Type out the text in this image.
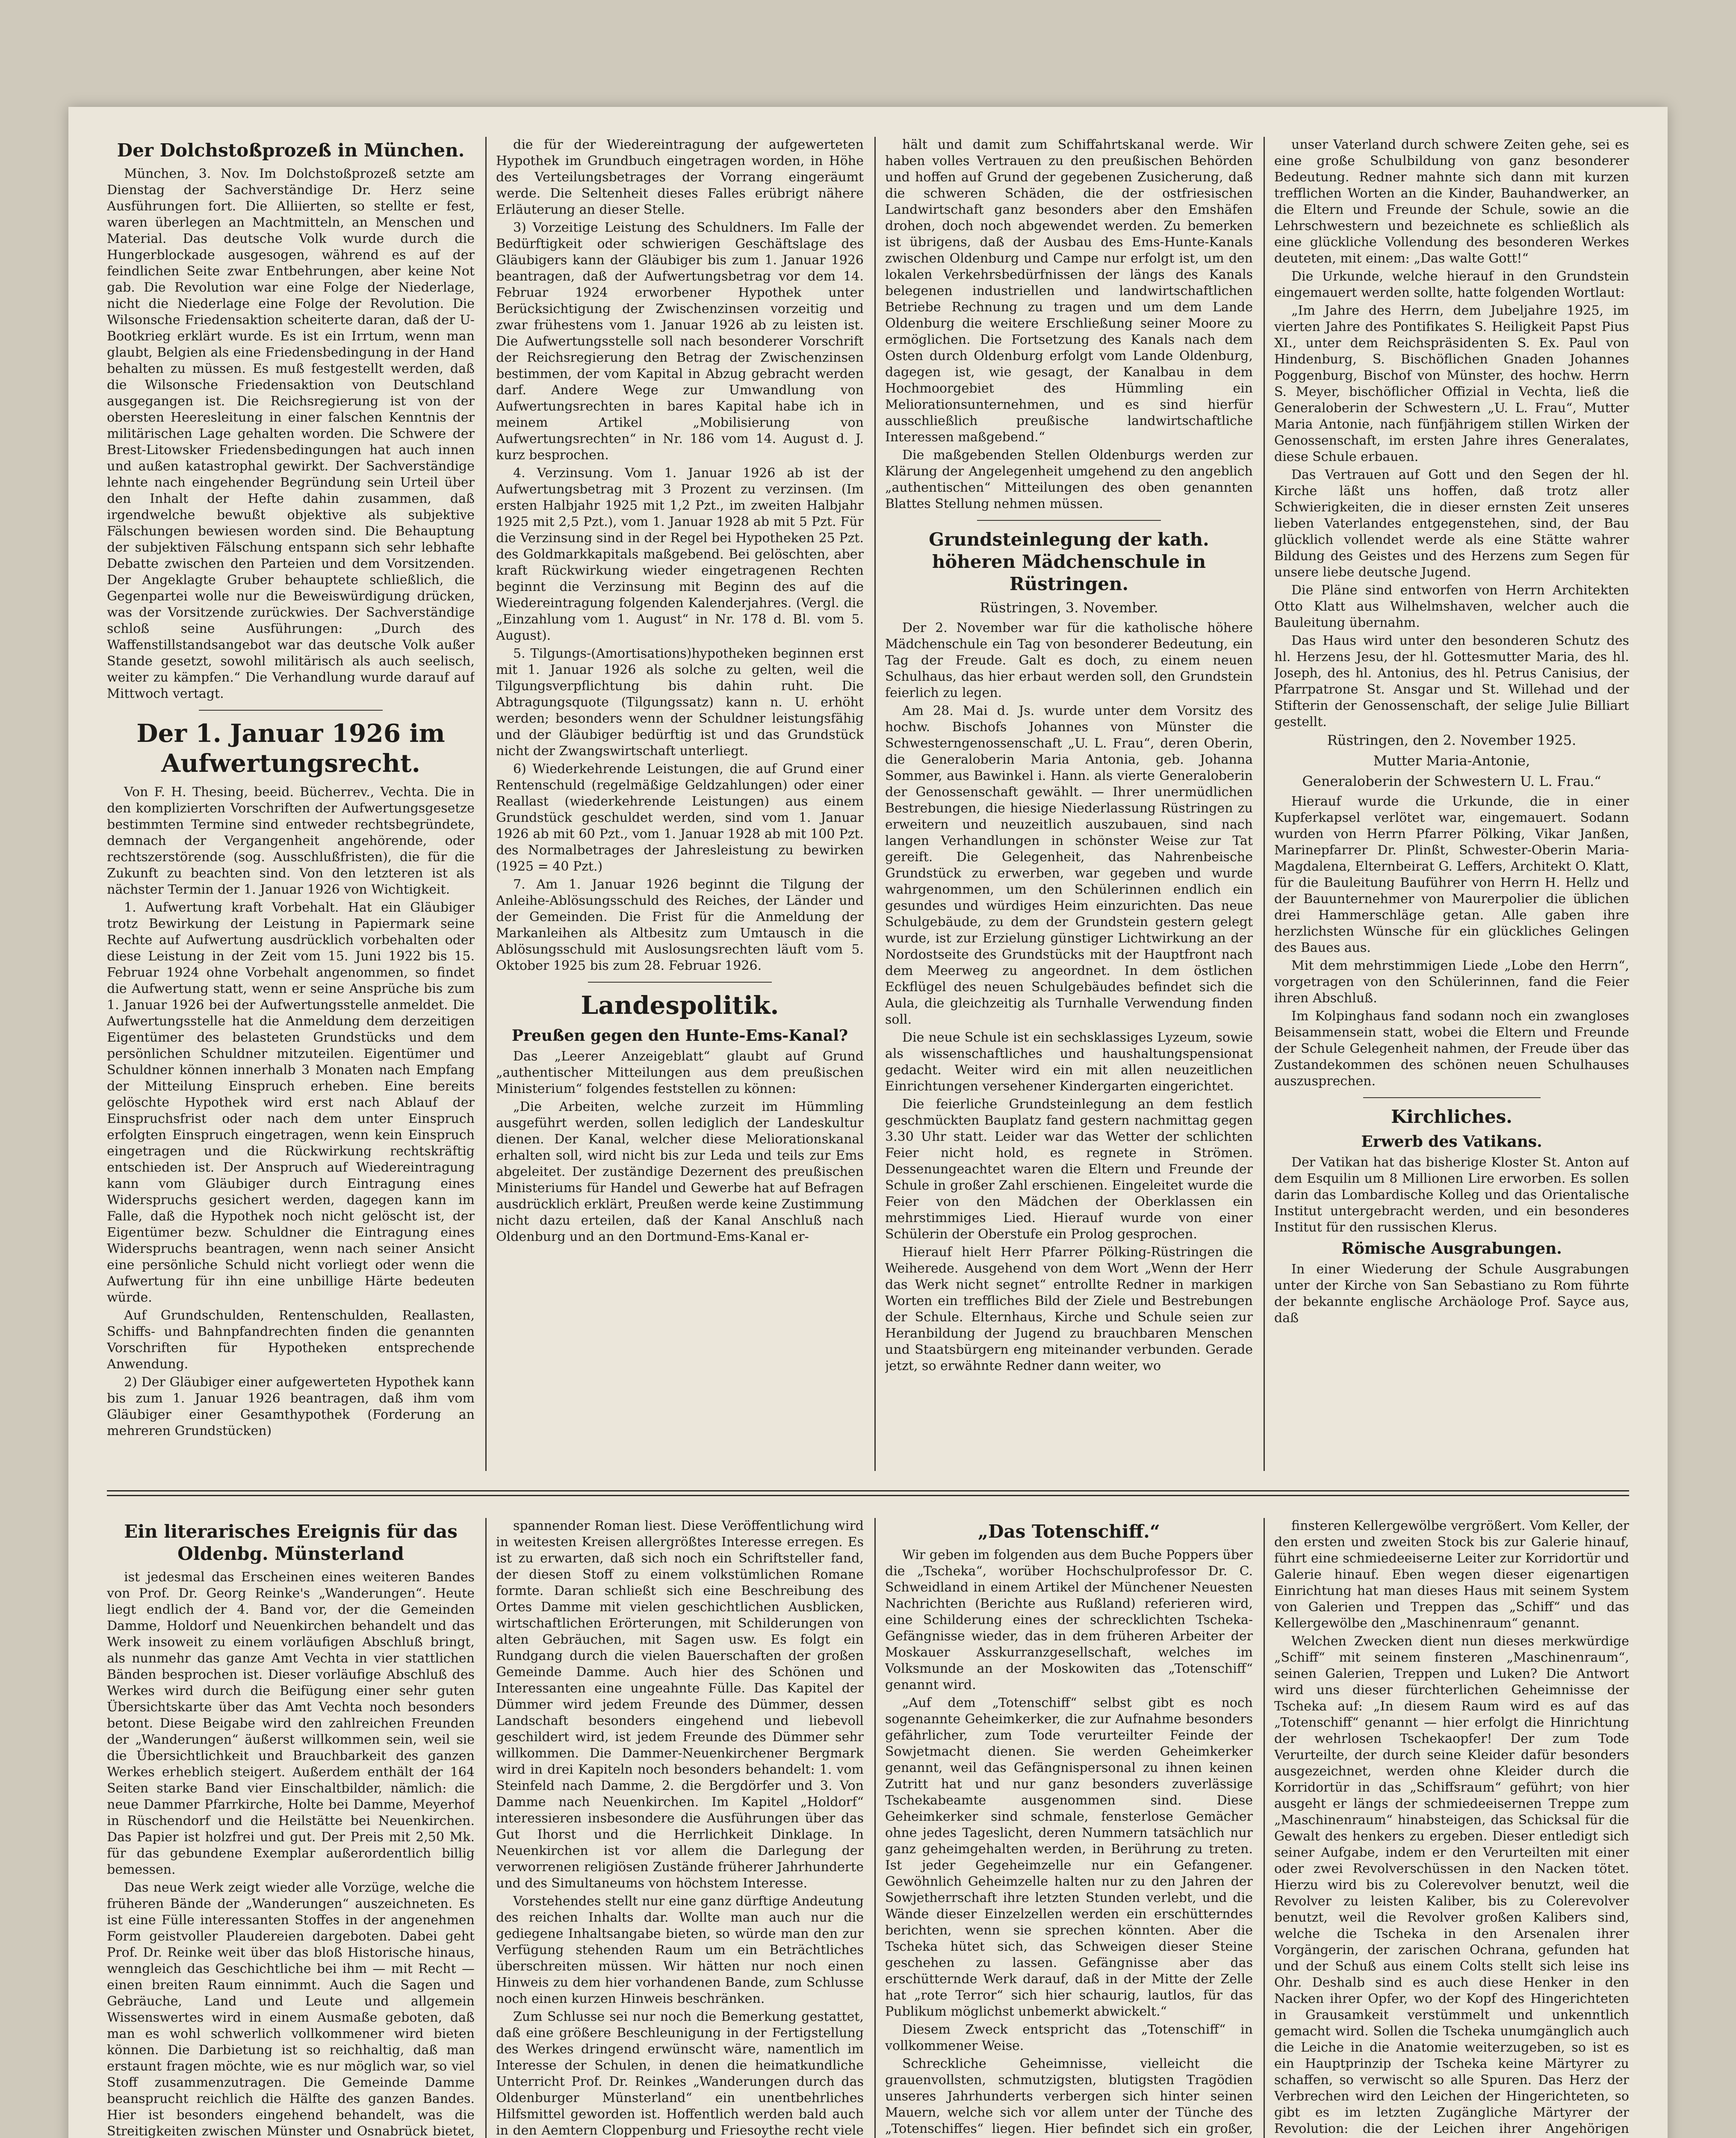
Der Dolchstoßprozeß in München.

München, 3. Nov. Im Dolchstoßprozeß setzte am Dienstag der Sachverständige Dr. Herz seine Ausführungen fort. Die Alliierten, so stellte er fest, waren überlegen an Machtmitteln, an Menschen und Material. Das deutsche Volk wurde durch die Hungerblockade ausgesogen, während es auf der feindlichen Seite zwar Entbehrungen, aber keine Not gab. Die Revolution war eine Folge der Niederlage, nicht die Niederlage eine Folge der Revolution. Die Wilsonsche Friedensaktion scheiterte daran, daß der U-Bootkrieg erklärt wurde. Es ist ein Irrtum, wenn man glaubt, Belgien als eine Friedensbedingung in der Hand behalten zu müssen. Es muß festgestellt werden, daß die Wilsonsche Friedensaktion von Deutschland ausgegangen ist. Die Reichsregierung ist von der obersten Heeresleitung in einer falschen Kenntnis der militärischen Lage gehalten worden. Die Schwere der Brest-Litowsker Friedensbedingungen hat auch innen und außen katastrophal gewirkt. Der Sachverständige lehnte nach eingehender Begründung sein Urteil über den Inhalt der Hefte dahin zusammen, daß irgendwelche bewußt objektive als subjektive Fälschungen bewiesen worden sind. Die Behauptung der subjektiven Fälschung entspann sich sehr lebhafte Debatte zwischen den Parteien und dem Vorsitzenden. Der Angeklagte Gruber behauptete schließlich, die Gegenpartei wolle nur die Beweiswürdigung drücken, was der Vorsitzende zurückwies. Der Sachverständige schloß seine Ausführungen: „Durch des Waffenstillstandsangebot war das deutsche Volk außer Stande gesetzt, sowohl militärisch als auch seelisch, weiter zu kämpfen.“ Die Verhandlung wurde darauf auf Mittwoch vertagt.

Der 1. Januar 1926 im Aufwertungsrecht.

Von F. H. Thesing, beeid. Bücherrev., Vechta. Die in den komplizierten Vorschriften der Aufwertungsgesetze bestimmten Termine sind entweder rechtsbegründete, demnach der Vergangenheit angehörende, oder rechtszerstörende (sog. Ausschlußfristen), die für die Zukunft zu beachten sind. Von den letzteren ist als nächster Termin der 1. Januar 1926 von Wichtigkeit.

1. Aufwertung kraft Vorbehalt. Hat ein Gläubiger trotz Bewirkung der Leistung in Papiermark seine Rechte auf Aufwertung ausdrücklich vorbehalten oder diese Leistung in der Zeit vom 15. Juni 1922 bis 15. Februar 1924 ohne Vorbehalt angenommen, so findet die Aufwertung statt, wenn er seine Ansprüche bis zum 1. Januar 1926 bei der Aufwertungsstelle anmeldet. Die Aufwertungsstelle hat die Anmeldung dem derzeitigen Eigentümer des belasteten Grundstücks und dem persönlichen Schuldner mitzuteilen. Eigentümer und Schuldner können innerhalb 3 Monaten nach Empfang der Mitteilung Einspruch erheben. Eine bereits gelöschte Hypothek wird erst nach Ablauf der Einspruchsfrist oder nach dem unter Einspruch erfolgten Einspruch eingetragen, wenn kein Einspruch eingetragen und die Rückwirkung rechtskräftig entschieden ist. Der Anspruch auf Wiedereintragung kann vom Gläubiger durch Eintragung eines Widerspruchs gesichert werden, dagegen kann im Falle, daß die Hypothek noch nicht gelöscht ist, der Eigentümer bezw. Schuldner die Eintragung eines Widerspruchs beantragen, wenn nach seiner Ansicht eine persönliche Schuld nicht vorliegt oder wenn die Aufwertung für ihn eine unbillige Härte bedeuten würde.

Auf Grundschulden, Rentenschulden, Reallasten, Schiffs- und Bahnpfandrechten finden die genannten Vorschriften für Hypotheken entsprechende Anwendung.

2) Der Gläubiger einer aufgewerteten Hypothek kann bis zum 1. Januar 1926 beantragen, daß ihm vom Gläubiger einer Gesamthypothek (Forderung an mehreren Grundstücken)

die für der Wiedereintragung der aufgewerteten Hypothek im Grundbuch eingetragen worden, in Höhe des Verteilungsbetrages der Vorrang eingeräumt werde. Die Seltenheit dieses Falles erübrigt nähere Erläuterung an dieser Stelle.

3) Vorzeitige Leistung des Schuldners. Im Falle der Bedürftigkeit oder schwierigen Geschäftslage des Gläubigers kann der Gläubiger bis zum 1. Januar 1926 beantragen, daß der Aufwertungsbetrag vor dem 14. Februar 1924 erworbener Hypothek unter Berücksichtigung der Zwischenzinsen vorzeitig und zwar frühestens vom 1. Januar 1926 ab zu leisten ist. Die Aufwertungsstelle soll nach besonderer Vorschrift der Reichsregierung den Betrag der Zwischenzinsen bestimmen, der vom Kapital in Abzug gebracht werden darf. Andere Wege zur Umwandlung von Aufwertungsrechten in bares Kapital habe ich in meinem Artikel „Mobilisierung von Aufwertungsrechten“ in Nr. 186 vom 14. August d. J. kurz besprochen.

4. Verzinsung. Vom 1. Januar 1926 ab ist der Aufwertungsbetrag mit 3 Prozent zu verzinsen. (Im ersten Halbjahr 1925 mit 1,2 Pzt., im zweiten Halbjahr 1925 mit 2,5 Pzt.), vom 1. Januar 1928 ab mit 5 Pzt. Für die Verzinsung sind in der Regel bei Hypotheken 25 Pzt. des Goldmarkkapitals maßgebend. Bei gelöschten, aber kraft Rückwirkung wieder eingetragenen Rechten beginnt die Verzinsung mit Beginn des auf die Wiedereintragung folgenden Kalenderjahres. (Vergl. die „Einzahlung vom 1. August“ in Nr. 178 d. Bl. vom 5. August).

5. Tilgungs-(Amortisations)hypotheken beginnen erst mit 1. Januar 1926 als solche zu gelten, weil die Tilgungsverpflichtung bis dahin ruht. Die Abtragungsquote (Tilgungssatz) kann n. U. erhöht werden; besonders wenn der Schuldner leistungsfähig und der Gläubiger bedürftig ist und das Grundstück nicht der Zwangswirtschaft unterliegt.

6) Wiederkehrende Leistungen, die auf Grund einer Rentenschuld (regelmäßige Geldzahlungen) oder einer Reallast (wiederkehrende Leistungen) aus einem Grundstück geschuldet werden, sind vom 1. Januar 1926 ab mit 60 Pzt., vom 1. Januar 1928 ab mit 100 Pzt. des Normalbetrages der Jahresleistung zu bewirken (1925 = 40 Pzt.)

7. Am 1. Januar 1926 beginnt die Tilgung der Anleihe-Ablösungsschuld des Reiches, der Länder und der Gemeinden. Die Frist für die Anmeldung der Markanleihen als Altbesitz zum Umtausch in die Ablösungsschuld mit Auslosungsrechten läuft vom 5. Oktober 1925 bis zum 28. Februar 1926.

Landespolitik.
Preußen gegen den Hunte-Ems-Kanal?

Das „Leerer Anzeigeblatt“ glaubt auf Grund „authentischer Mitteilungen aus dem preußischen Ministerium“ folgendes feststellen zu können:

„Die Arbeiten, welche zurzeit im Hümmling ausgeführt werden, sollen lediglich der Landeskultur dienen. Der Kanal, welcher diese Meliorationskanal erhalten soll, wird nicht bis zur Leda und teils zur Ems abgeleitet. Der zuständige Dezernent des preußischen Ministeriums für Handel und Gewerbe hat auf Befragen ausdrücklich erklärt, Preußen werde keine Zustimmung nicht dazu erteilen, daß der Kanal Anschluß nach Oldenburg und an den Dortmund-Ems-Kanal er-

hält und damit zum Schiffahrtskanal werde. Wir haben volles Vertrauen zu den preußischen Behörden und hoffen auf Grund der gegebenen Zusicherung, daß die schweren Schäden, die der ostfriesischen Landwirtschaft ganz besonders aber den Emshäfen drohen, doch noch abgewendet werden. Zu bemerken ist übrigens, daß der Ausbau des Ems-Hunte-Kanals zwischen Oldenburg und Campe nur erfolgt ist, um den lokalen Verkehrsbedürfnissen der längs des Kanals belegenen industriellen und landwirtschaftlichen Betriebe Rechnung zu tragen und um dem Lande Oldenburg die weitere Erschließung seiner Moore zu ermöglichen. Die Fortsetzung des Kanals nach dem Osten durch Oldenburg erfolgt vom Lande Oldenburg, dagegen ist, wie gesagt, der Kanalbau in dem Hochmoorgebiet des Hümmling ein Meliorationsunternehmen, und es sind hierfür ausschließlich preußische landwirtschaftliche Interessen maßgebend.“

Die maßgebenden Stellen Oldenburgs werden zur Klärung der Angelegenheit umgehend zu den angeblich „authentischen“ Mitteilungen des oben genannten Blattes Stellung nehmen müssen.

Grundsteinlegung der kath. höheren Mädchenschule in Rüstringen.
Rüstringen, 3. November.

Der 2. November war für die katholische höhere Mädchenschule ein Tag von besonderer Bedeutung, ein Tag der Freude. Galt es doch, zu einem neuen Schulhaus, das hier erbaut werden soll, den Grundstein feierlich zu legen.

Am 28. Mai d. Js. wurde unter dem Vorsitz des hochw. Bischofs Johannes von Münster die Schwesterngenossenschaft „U. L. Frau“, deren Oberin, die Generaloberin Maria Antonia, geb. Johanna Sommer, aus Bawinkel i. Hann. als vierte Generaloberin der Genossenschaft gewählt. — Ihrer unermüdlichen Bestrebungen, die hiesige Niederlassung Rüstringen zu erweitern und neuzeitlich auszubauen, sind nach langen Verhandlungen in schönster Weise zur Tat gereift. Die Gelegenheit, das Nahrenbeische Grundstück zu erwerben, war gegeben und wurde wahrgenommen, um den Schülerinnen endlich ein gesundes und würdiges Heim einzurichten. Das neue Schulgebäude, zu dem der Grundstein gestern gelegt wurde, ist zur Erzielung günstiger Lichtwirkung an der Nordostseite des Grundstücks mit der Hauptfront nach dem Meerweg zu angeordnet. In dem östlichen Eckflügel des neuen Schulgebäudes befindet sich die Aula, die gleichzeitig als Turnhalle Verwendung finden soll.

Die neue Schule ist ein sechsklassiges Lyzeum, sowie als wissenschaftliches und haushaltungspensionat gedacht. Weiter wird ein mit allen neuzeitlichen Einrichtungen versehener Kindergarten eingerichtet.

Die feierliche Grundsteinlegung an dem festlich geschmückten Bauplatz fand gestern nachmittag gegen 3.30 Uhr statt. Leider war das Wetter der schlichten Feier nicht hold, es regnete in Strömen. Dessenungeachtet waren die Eltern und Freunde der Schule in großer Zahl erschienen. Eingeleitet wurde die Feier von den Mädchen der Oberklassen ein mehrstimmiges Lied. Hierauf wurde von einer Schülerin der Oberstufe ein Prolog gesprochen.

Hierauf hielt Herr Pfarrer Pölking-Rüstringen die Weiherede. Ausgehend von dem Wort „Wenn der Herr das Werk nicht segnet“ entrollte Redner in markigen Worten ein treffliches Bild der Ziele und Bestrebungen der Schule. Elternhaus, Kirche und Schule seien zur Heranbildung der Jugend zu brauchbaren Menschen und Staatsbürgern eng miteinander verbunden. Gerade jetzt, so erwähnte Redner dann weiter, wo

unser Vaterland durch schwere Zeiten gehe, sei es eine große Schulbildung von ganz besonderer Bedeutung. Redner mahnte sich dann mit kurzen trefflichen Worten an die Kinder, Bauhandwerker, an die Eltern und Freunde der Schule, sowie an die Lehrschwestern und bezeichnete es schließlich als eine glückliche Vollendung des besonderen Werkes deuteten, mit einem: „Das walte Gott!“

Die Urkunde, welche hierauf in den Grundstein eingemauert werden sollte, hatte folgenden Wortlaut:

„Im Jahre des Herrn, dem Jubeljahre 1925, im vierten Jahre des Pontifikates S. Heiligkeit Papst Pius XI., unter dem Reichspräsidenten S. Ex. Paul von Hindenburg, S. Bischöflichen Gnaden Johannes Poggenburg, Bischof von Münster, des hochw. Herrn S. Meyer, bischöflicher Offizial in Vechta, ließ die Generaloberin der Schwestern „U. L. Frau“, Mutter Maria Antonie, nach fünfjährigem stillen Wirken der Genossenschaft, im ersten Jahre ihres Generalates, diese Schule erbauen.

Das Vertrauen auf Gott und den Segen der hl. Kirche läßt uns hoffen, daß trotz aller Schwierigkeiten, die in dieser ernsten Zeit unseres lieben Vaterlandes entgegenstehen, sind, der Bau glücklich vollendet werde als eine Stätte wahrer Bildung des Geistes und des Herzens zum Segen für unsere liebe deutsche Jugend.

Die Pläne sind entworfen von Herrn Architekten Otto Klatt aus Wilhelmshaven, welcher auch die Bauleitung übernahm.

Das Haus wird unter den besonderen Schutz des hl. Herzens Jesu, der hl. Gottesmutter Maria, des hl. Joseph, des hl. Antonius, des hl. Petrus Canisius, der Pfarrpatrone St. Ansgar und St. Willehad und der Stifterin der Genossenschaft, der selige Julie Billiart gestellt.

Rüstringen, den 2. November 1925.
Mutter Maria-Antonie,
Generaloberin der Schwestern U. L. Frau.“

Hierauf wurde die Urkunde, die in einer Kupferkapsel verlötet war, eingemauert. Sodann wurden von Herrn Pfarrer Pölking, Vikar Janßen, Marinepfarrer Dr. Plinßt, Schwester-Oberin Maria-Magdalena, Elternbeirat G. Leffers, Architekt O. Klatt, für die Bauleitung Bauführer von Herrn H. Hellz und der Bauunternehmer von Maurerpolier die üblichen drei Hammerschläge getan. Alle gaben ihre herzlichsten Wünsche für ein glückliches Gelingen des Baues aus.

Mit dem mehrstimmigen Liede „Lobe den Herrn“, vorgetragen von den Schülerinnen, fand die Feier ihren Abschluß.

Im Kolpinghaus fand sodann noch ein zwangloses Beisammensein statt, wobei die Eltern und Freunde der Schule Gelegenheit nahmen, der Freude über das Zustandekommen des schönen neuen Schulhauses auszusprechen.

Kirchliches.
Erwerb des Vatikans.

Der Vatikan hat das bisherige Kloster St. Anton auf dem Esquilin um 8 Millionen Lire erworben. Es sollen darin das Lombardische Kolleg und das Orientalische Institut untergebracht werden, und ein besonderes Institut für den russischen Klerus.

Römische Ausgrabungen.

In einer Wiederung der Schule Ausgrabungen unter der Kirche von San Sebastiano zu Rom führte der bekannte englische Archäologe Prof. Sayce aus, daß

Ein literarisches Ereignis für das Oldenbg. Münsterland

ist jedesmal das Erscheinen eines weiteren Bandes von Prof. Dr. Georg Reinke's „Wanderungen“. Heute liegt endlich der 4. Band vor, der die Gemeinden Damme, Holdorf und Neuenkirchen behandelt und das Werk insoweit zu einem vorläufigen Abschluß bringt, als nunmehr das ganze Amt Vechta in vier stattlichen Bänden besprochen ist. Dieser vorläufige Abschluß des Werkes wird durch die Beifügung einer sehr guten Übersichtskarte über das Amt Vechta noch besonders betont. Diese Beigabe wird den zahlreichen Freunden der „Wanderungen“ äußerst willkommen sein, weil sie die Übersichtlichkeit und Brauchbarkeit des ganzen Werkes erheblich steigert. Außerdem enthält der 164 Seiten starke Band vier Einschaltbilder, nämlich: die neue Dammer Pfarrkirche, Holte bei Damme, Meyerhof in Rüschendorf und die Heilstätte bei Neuenkirchen. Das Papier ist holzfrei und gut. Der Preis mit 2,50 Mk. für das gebundene Exemplar außerordentlich billig bemessen.

Das neue Werk zeigt wieder alle Vorzüge, welche die früheren Bände der „Wanderungen“ auszeichneten. Es ist eine Fülle interessanten Stoffes in der angenehmen Form geistvoller Plaudereien dargeboten. Dabei geht Prof. Dr. Reinke weit über das bloß Historische hinaus, wenngleich das Geschichtliche bei ihm — mit Recht — einen breiten Raum einnimmt. Auch die Sagen und Gebräuche, Land und Leute und allgemein Wissenswertes wird in einem Ausmaße geboten, daß man es wohl schwerlich vollkommener wird bieten können. Die Darbietung ist so reichhaltig, daß man erstaunt fragen möchte, wie es nur möglich war, so viel Stoff zusammenzutragen. Die Gemeinde Damme beansprucht reichlich die Hälfte des ganzen Bandes. Hier ist besonders eingehend behandelt, was die Streitigkeiten zwischen Münster und Osnabrück bietet,

spannender Roman liest. Diese Veröffentlichung wird in weitesten Kreisen allergrößtes Interesse erregen. Es ist zu erwarten, daß sich noch ein Schriftsteller fand, der diesen Stoff zu einem volkstümlichen Romane formte. Daran schließt sich eine Beschreibung des Ortes Damme mit vielen geschichtlichen Ausblicken, wirtschaftlichen Erörterungen, mit Schilderungen von alten Gebräuchen, mit Sagen usw. Es folgt ein Rundgang durch die vielen Bauerschaften der großen Gemeinde Damme. Auch hier des Schönen und Interessanten eine ungeahnte Fülle. Das Kapitel der Dümmer wird jedem Freunde des Dümmer, dessen Landschaft besonders eingehend und liebevoll geschildert wird, ist jedem Freunde des Dümmer sehr willkommen. Die Dammer-Neuenkirchener Bergmark wird in drei Kapiteln noch besonders behandelt: 1. vom Steinfeld nach Damme, 2. die Bergdörfer und 3. Von Damme nach Neuenkirchen. Im Kapitel „Holdorf“ interessieren insbesondere die Ausführungen über das Gut Ihorst und die Herrlichkeit Dinklage. In Neuenkirchen ist vor allem die Darlegung der verworrenen religiösen Zustände früherer Jahrhunderte und des Simultaneums von höchstem Interesse.

Vorstehendes stellt nur eine ganz dürftige Andeutung des reichen Inhalts dar. Wollte man auch nur die gediegene Inhaltsangabe bieten, so würde man den zur Verfügung stehenden Raum um ein Beträchtliches überschreiten müssen. Wir hätten nur noch einen Hinweis zu dem hier vorhandenen Bande, zum Schlusse noch einen kurzen Hinweis beschränken.

Zum Schlusse sei nur noch die Bemerkung gestattet, daß eine größere Beschleunigung in der Fertigstellung des Werkes dringend erwünscht wäre, namentlich im Interesse der Schulen, in denen die heimatkundliche Unterricht Prof. Dr. Reinkes „Wanderungen durch das Oldenburger Münsterland“ ein unentbehrliches Hilfsmittel geworden ist. Hoffentlich werden bald auch in den Aemtern Cloppenburg und Friesoythe recht viele

„Das Totenschiff.“

Wir geben im folgenden aus dem Buche Poppers über die „Tscheka“, worüber Hochschulprofessor Dr. C. Schweidland in einem Artikel der Münchener Neuesten Nachrichten (Berichte aus Rußland) referieren wird, eine Schilderung eines der schrecklichten Tscheka-Gefängnisse wieder, das in dem früheren Arbeiter der Moskauer Asskurranzgesellschaft, welches im Volksmunde an der Moskowiten das „Totenschiff“ genannt wird.

„Auf dem „Totenschiff“ selbst gibt es noch sogenannte Geheimkerker, die zur Aufnahme besonders gefährlicher, zum Tode verurteilter Feinde der Sowjetmacht dienen. Sie werden Geheimkerker genannt, weil das Gefängnispersonal zu ihnen keinen Zutritt hat und nur ganz besonders zuverlässige Tschekabeamte ausgenommen sind. Diese Geheimkerker sind schmale, fensterlose Gemächer ohne jedes Tageslicht, deren Nummern tatsächlich nur ganz geheimgehalten werden, in Berührung zu treten. Ist jeder Gegeheimzelle nur ein Gefangener. Gewöhnlich Geheimzelle halten nur zu den Jahren der Sowjetherrschaft ihre letzten Stunden verlebt, und die Wände dieser Einzelzellen werden ein erschütterndes berichten, wenn sie sprechen könnten. Aber die Tscheka hütet sich, das Schweigen dieser Steine geschehen zu lassen. Gefängnisse aber das erschütternde Werk darauf, daß in der Mitte der Zelle hat „rote Terror“ sich hier schaurig, lautlos, für das Publikum möglichst unbemerkt abwickelt.“

Diesem Zweck entspricht das „Totenschiff“ in vollkommener Weise.

Schreckliche Geheimnisse, vielleicht die grauenvollsten, schmutzigsten, blutigsten Tragödien unseres Jahrhunderts verbergen sich hinter seinen Mauern, welche sich vor allem unter der Tünche des „Totenschiffes“ liegen. Hier befindet sich ein großer,

finsteren Kellergewölbe vergrößert. Vom Keller, der den ersten und zweiten Stock bis zur Galerie hinauf, führt eine schmiedeeiserne Leiter zur Korridortür und Galerie hinauf. Eben wegen dieser eigenartigen Einrichtung hat man dieses Haus mit seinem System von Galerien und Treppen das „Schiff“ und das Kellergewölbe den „Maschinenraum“ genannt.

Welchen Zwecken dient nun dieses merkwürdige „Schiff“ mit seinem finsteren „Maschinenraum“, seinen Galerien, Treppen und Luken? Die Antwort wird uns dieser fürchterlichen Geheimnisse der Tscheka auf: „In diesem Raum wird es auf das „Totenschiff“ genannt — hier erfolgt die Hinrichtung der wehrlosen Tschekaopfer! Der zum Tode Verurteilte, der durch seine Kleider dafür besonders ausgezeichnet, werden ohne Kleider durch die Korridortür in das „Schiffsraum“ geführt; von hier ausgeht er längs der schmiedeeisernen Treppe zum „Maschinenraum“ hinabsteigen, das Schicksal für die Gewalt des henkers zu ergeben. Dieser entledigt sich seiner Aufgabe, indem er den Verurteilten mit einer oder zwei Revolverschüssen in den Nacken tötet. Hierzu wird bis zu Colerevolver benutzt, weil die Revolver zu leisten Kaliber, bis zu Colerevolver benutzt, weil die Revolver großen Kalibers sind, welche die Tscheka in den Arsenalen ihrer Vorgängerin, der zarischen Ochrana, gefunden hat und der Schuß aus einem Colts stellt sich leise ins Ohr. Deshalb sind es auch diese Henker in den Nacken ihrer Opfer, wo der Kopf des Hingerichteten in Grausamkeit verstümmelt und unkenntlich gemacht wird. Sollen die Tscheka unumgänglich auch die Leiche in die Anatomie weiterzugeben, so ist es ein Hauptprinzip der Tscheka keine Märtyrer zu schaffen, so verwischt so alle Spuren. Das Herz der Verbrechen wird den Leichen der Hingerichteten, so gibt es im letzten Zugängliche Märtyrer der Revolution: die der Leichen ihrer Angehörigen
